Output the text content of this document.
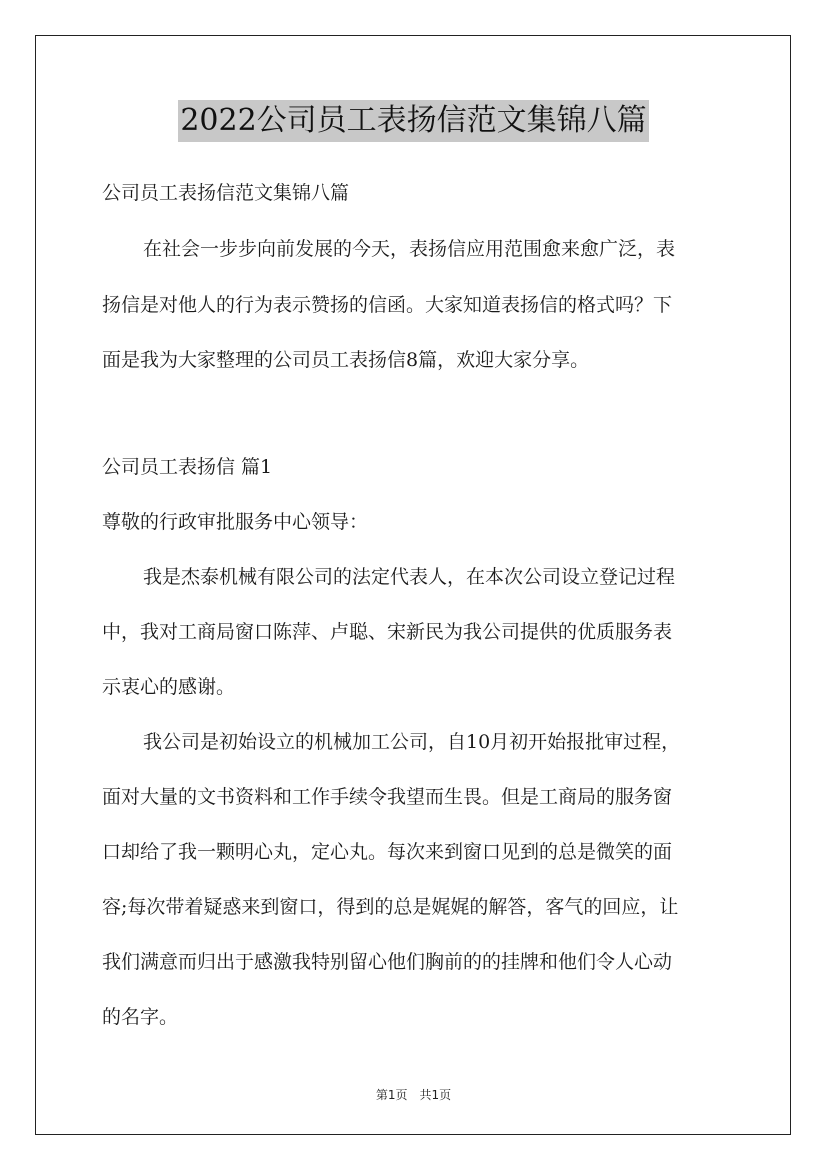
2022公司员工表扬信范文集锦八篇
公司员工表扬信范文集锦八篇
在社会一步步向前发展的今天，表扬信应用范围愈来愈广泛，表
扬信是对他人的行为表示赞扬的信函。大家知道表扬信的格式吗？下
面是我为大家整理的公司员工表扬信8篇，欢迎大家分享。
公司员工表扬信 篇1
尊敬的行政审批服务中心领导：
我是杰泰机械有限公司的法定代表人，在本次公司设立登记过程
中，我对工商局窗口陈萍、卢聪、宋新民为我公司提供的优质服务表
示衷心的感谢。
我公司是初始设立的机械加工公司，自10月初开始报批审过程，
面对大量的文书资料和工作手续令我望而生畏。但是工商局的服务窗
口却给了我一颗明心丸，定心丸。每次来到窗口见到的总是微笑的面
容;每次带着疑惑来到窗口，得到的总是娓娓的解答，客气的回应，让
我们满意而归出于感激我特别留心他们胸前的的挂牌和他们令人心动
的名字。
第1页　共1页
